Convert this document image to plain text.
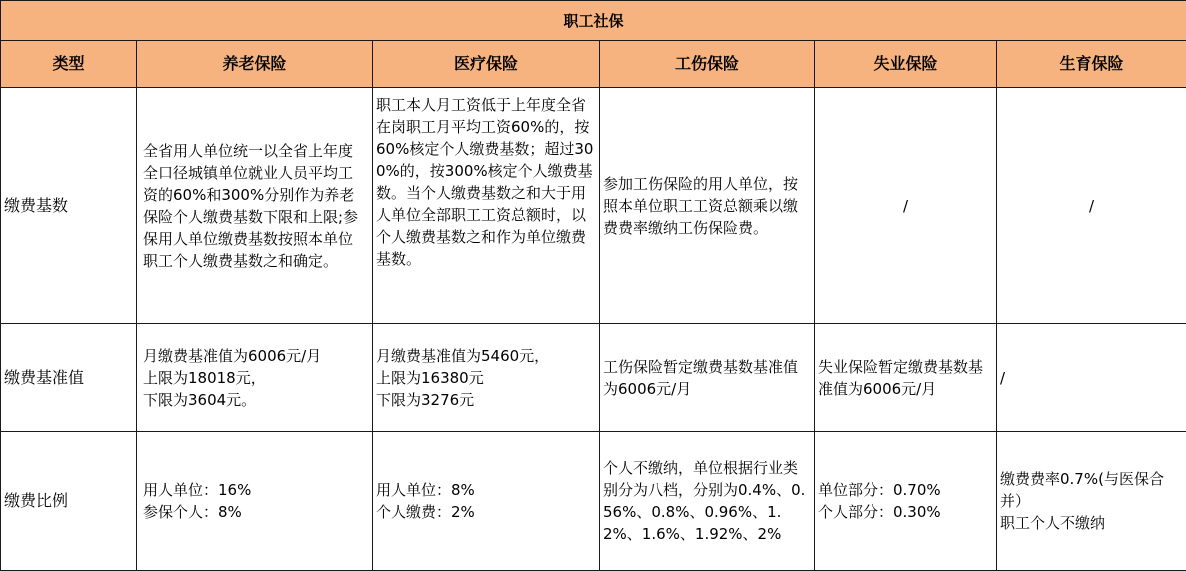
职工社保					
类型	养老保险	医疗保险	工伤保险	失业保险	生育保险
缴费基数	全省用人单位统一以全省上年度全口径城镇单位就业人员平均工资的60%和300%分别作为养老保险个人缴费基数下限和上限;参保用人单位缴费基数按照本单位职工个人缴费基数之和确定。	职工本人月工资低于上年度全省在岗职工月平均工资60%的，按60%核定个人缴费基数；超过300%的，按300%核定个人缴费基数。当个人缴费基数之和大于用人单位全部职工工资总额时，以个人缴费基数之和作为单位缴费基数。	参加工伤保险的用人单位，按照本单位职工工资总额乘以缴费费率缴纳工伤保险费。	/	/
缴费基准值	月缴费基准值为6006元/月
上限为18018元，
下限为3604元。	月缴费基准值为5460元，
上限为16380元
下限为3276元	工伤保险暂定缴费基数基准值为6006元/月	失业保险暂定缴费基数基准值为6006元/月	/
缴费比例	用人单位：16%
参保个人：8%	用人单位：8%
个人缴费：2%	个人不缴纳，单位根据行业类别分为八档，分别为0.4%、0.56%、0.8%、0.96%、1.2%、1.6%、1.92%、2%	单位部分：0.70%
个人部分：0.30%	缴费费率0.7%(与医保合并）
职工个人不缴纳
